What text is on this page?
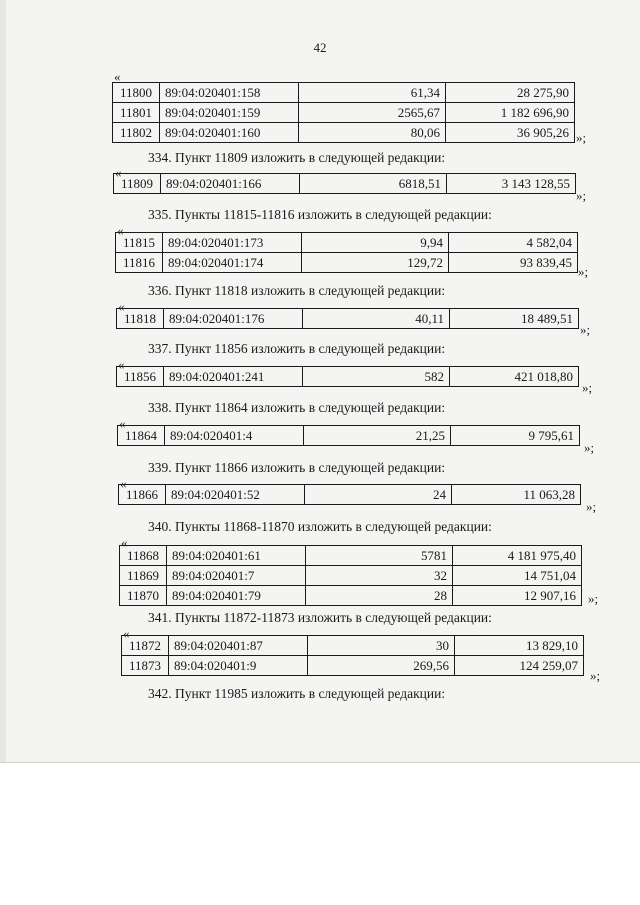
42
«
11800	89:04:020401:158	61,34	28 275,90
11801	89:04:020401:159	2565,67	1 182 696,90
11802	89:04:020401:160	80,06	36 905,26 »;
334. Пункт 11809 изложить в следующей редакции:
«
11809	89:04:020401:166	6818,51	3 143 128,55
»;
335. Пункты 11815-11816 изложить в следующей редакции:
«
11815	89:04:020401:173	9,94	4 582,04
11816	89:04:020401:174	129,72	93 839,45
»;
336. Пункт 11818 изложить в следующей редакции:
«
11818	89:04:020401:176	40,11	18 489,51
»;
337. Пункт 11856 изложить в следующей редакции:
«
11856	89:04:020401:241	582	421 018,80
»;
338. Пункт 11864 изложить в следующей редакции:
«
11864	89:04:020401:4	21,25	9 795,61
»;
339. Пункт 11866 изложить в следующей редакции:
«
11866	89:04:020401:52	24	11 063,28
»;
340. Пункты 11868-11870 изложить в следующей редакции:
«
11868	89:04:020401:61	5781	4 181 975,40
11869	89:04:020401:7	32	14 751,04
11870	89:04:020401:79	28	12 907,16 »;
341. Пункты 11872-11873 изложить в следующей редакции:
«
11872	89:04:020401:87	30	13 829,10
11873	89:04:020401:9	269,56	124 259,07
»;
342. Пункт 11985 изложить в следующей редакции:
